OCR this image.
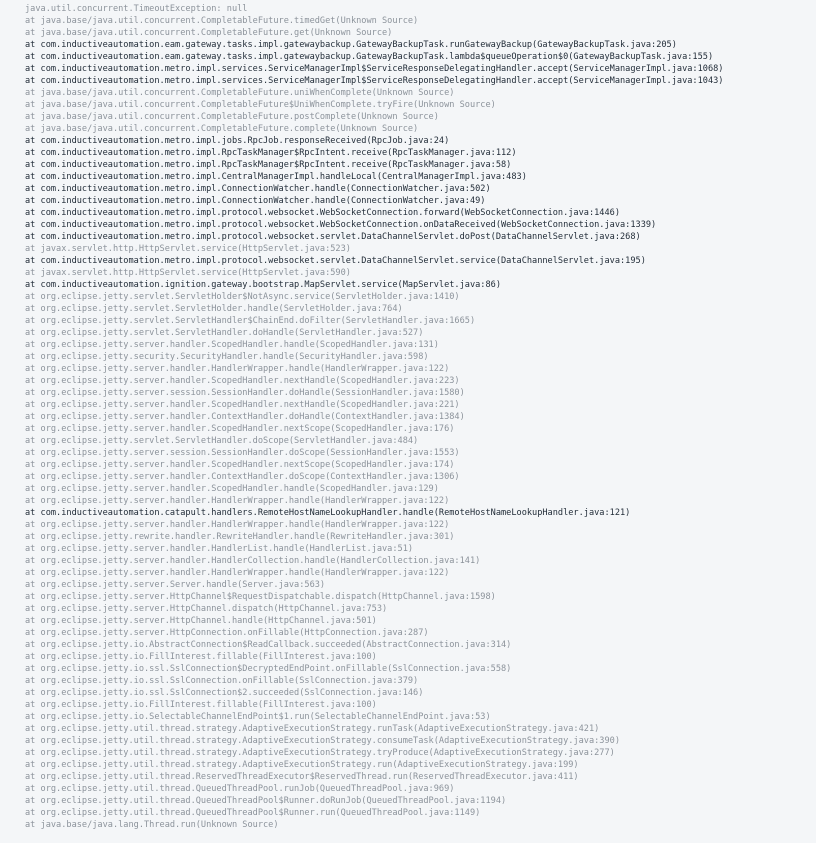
java.util.concurrent.TimeoutException: null
at java.base/java.util.concurrent.CompletableFuture.timedGet(Unknown Source)
at java.base/java.util.concurrent.CompletableFuture.get(Unknown Source)
at com.inductiveautomation.eam.gateway.tasks.impl.gatewaybackup.GatewayBackupTask.runGatewayBackup(GatewayBackupTask.java:205)
at com.inductiveautomation.eam.gateway.tasks.impl.gatewaybackup.GatewayBackupTask.lambda$queueOperation$0(GatewayBackupTask.java:155)
at com.inductiveautomation.metro.impl.services.ServiceManagerImpl$ServiceResponseDelegatingHandler.accept(ServiceManagerImpl.java:1068)
at com.inductiveautomation.metro.impl.services.ServiceManagerImpl$ServiceResponseDelegatingHandler.accept(ServiceManagerImpl.java:1043)
at java.base/java.util.concurrent.CompletableFuture.uniWhenComplete(Unknown Source)
at java.base/java.util.concurrent.CompletableFuture$UniWhenComplete.tryFire(Unknown Source)
at java.base/java.util.concurrent.CompletableFuture.postComplete(Unknown Source)
at java.base/java.util.concurrent.CompletableFuture.complete(Unknown Source)
at com.inductiveautomation.metro.impl.jobs.RpcJob.responseReceived(RpcJob.java:24)
at com.inductiveautomation.metro.impl.RpcTaskManager$RpcIntent.receive(RpcTaskManager.java:112)
at com.inductiveautomation.metro.impl.RpcTaskManager$RpcIntent.receive(RpcTaskManager.java:58)
at com.inductiveautomation.metro.impl.CentralManagerImpl.handleLocal(CentralManagerImpl.java:483)
at com.inductiveautomation.metro.impl.ConnectionWatcher.handle(ConnectionWatcher.java:502)
at com.inductiveautomation.metro.impl.ConnectionWatcher.handle(ConnectionWatcher.java:49)
at com.inductiveautomation.metro.impl.protocol.websocket.WebSocketConnection.forward(WebSocketConnection.java:1446)
at com.inductiveautomation.metro.impl.protocol.websocket.WebSocketConnection.onDataReceived(WebSocketConnection.java:1339)
at com.inductiveautomation.metro.impl.protocol.websocket.servlet.DataChannelServlet.doPost(DataChannelServlet.java:268)
at javax.servlet.http.HttpServlet.service(HttpServlet.java:523)
at com.inductiveautomation.metro.impl.protocol.websocket.servlet.DataChannelServlet.service(DataChannelServlet.java:195)
at javax.servlet.http.HttpServlet.service(HttpServlet.java:590)
at com.inductiveautomation.ignition.gateway.bootstrap.MapServlet.service(MapServlet.java:86)
at org.eclipse.jetty.servlet.ServletHolder$NotAsync.service(ServletHolder.java:1410)
at org.eclipse.jetty.servlet.ServletHolder.handle(ServletHolder.java:764)
at org.eclipse.jetty.servlet.ServletHandler$ChainEnd.doFilter(ServletHandler.java:1665)
at org.eclipse.jetty.servlet.ServletHandler.doHandle(ServletHandler.java:527)
at org.eclipse.jetty.server.handler.ScopedHandler.handle(ScopedHandler.java:131)
at org.eclipse.jetty.security.SecurityHandler.handle(SecurityHandler.java:598)
at org.eclipse.jetty.server.handler.HandlerWrapper.handle(HandlerWrapper.java:122)
at org.eclipse.jetty.server.handler.ScopedHandler.nextHandle(ScopedHandler.java:223)
at org.eclipse.jetty.server.session.SessionHandler.doHandle(SessionHandler.java:1580)
at org.eclipse.jetty.server.handler.ScopedHandler.nextHandle(ScopedHandler.java:221)
at org.eclipse.jetty.server.handler.ContextHandler.doHandle(ContextHandler.java:1384)
at org.eclipse.jetty.server.handler.ScopedHandler.nextScope(ScopedHandler.java:176)
at org.eclipse.jetty.servlet.ServletHandler.doScope(ServletHandler.java:484)
at org.eclipse.jetty.server.session.SessionHandler.doScope(SessionHandler.java:1553)
at org.eclipse.jetty.server.handler.ScopedHandler.nextScope(ScopedHandler.java:174)
at org.eclipse.jetty.server.handler.ContextHandler.doScope(ContextHandler.java:1306)
at org.eclipse.jetty.server.handler.ScopedHandler.handle(ScopedHandler.java:129)
at org.eclipse.jetty.server.handler.HandlerWrapper.handle(HandlerWrapper.java:122)
at com.inductiveautomation.catapult.handlers.RemoteHostNameLookupHandler.handle(RemoteHostNameLookupHandler.java:121)
at org.eclipse.jetty.server.handler.HandlerWrapper.handle(HandlerWrapper.java:122)
at org.eclipse.jetty.rewrite.handler.RewriteHandler.handle(RewriteHandler.java:301)
at org.eclipse.jetty.server.handler.HandlerList.handle(HandlerList.java:51)
at org.eclipse.jetty.server.handler.HandlerCollection.handle(HandlerCollection.java:141)
at org.eclipse.jetty.server.handler.HandlerWrapper.handle(HandlerWrapper.java:122)
at org.eclipse.jetty.server.Server.handle(Server.java:563)
at org.eclipse.jetty.server.HttpChannel$RequestDispatchable.dispatch(HttpChannel.java:1598)
at org.eclipse.jetty.server.HttpChannel.dispatch(HttpChannel.java:753)
at org.eclipse.jetty.server.HttpChannel.handle(HttpChannel.java:501)
at org.eclipse.jetty.server.HttpConnection.onFillable(HttpConnection.java:287)
at org.eclipse.jetty.io.AbstractConnection$ReadCallback.succeeded(AbstractConnection.java:314)
at org.eclipse.jetty.io.FillInterest.fillable(FillInterest.java:100)
at org.eclipse.jetty.io.ssl.SslConnection$DecryptedEndPoint.onFillable(SslConnection.java:558)
at org.eclipse.jetty.io.ssl.SslConnection.onFillable(SslConnection.java:379)
at org.eclipse.jetty.io.ssl.SslConnection$2.succeeded(SslConnection.java:146)
at org.eclipse.jetty.io.FillInterest.fillable(FillInterest.java:100)
at org.eclipse.jetty.io.SelectableChannelEndPoint$1.run(SelectableChannelEndPoint.java:53)
at org.eclipse.jetty.util.thread.strategy.AdaptiveExecutionStrategy.runTask(AdaptiveExecutionStrategy.java:421)
at org.eclipse.jetty.util.thread.strategy.AdaptiveExecutionStrategy.consumeTask(AdaptiveExecutionStrategy.java:390)
at org.eclipse.jetty.util.thread.strategy.AdaptiveExecutionStrategy.tryProduce(AdaptiveExecutionStrategy.java:277)
at org.eclipse.jetty.util.thread.strategy.AdaptiveExecutionStrategy.run(AdaptiveExecutionStrategy.java:199)
at org.eclipse.jetty.util.thread.ReservedThreadExecutor$ReservedThread.run(ReservedThreadExecutor.java:411)
at org.eclipse.jetty.util.thread.QueuedThreadPool.runJob(QueuedThreadPool.java:969)
at org.eclipse.jetty.util.thread.QueuedThreadPool$Runner.doRunJob(QueuedThreadPool.java:1194)
at org.eclipse.jetty.util.thread.QueuedThreadPool$Runner.run(QueuedThreadPool.java:1149)
at java.base/java.lang.Thread.run(Unknown Source)
